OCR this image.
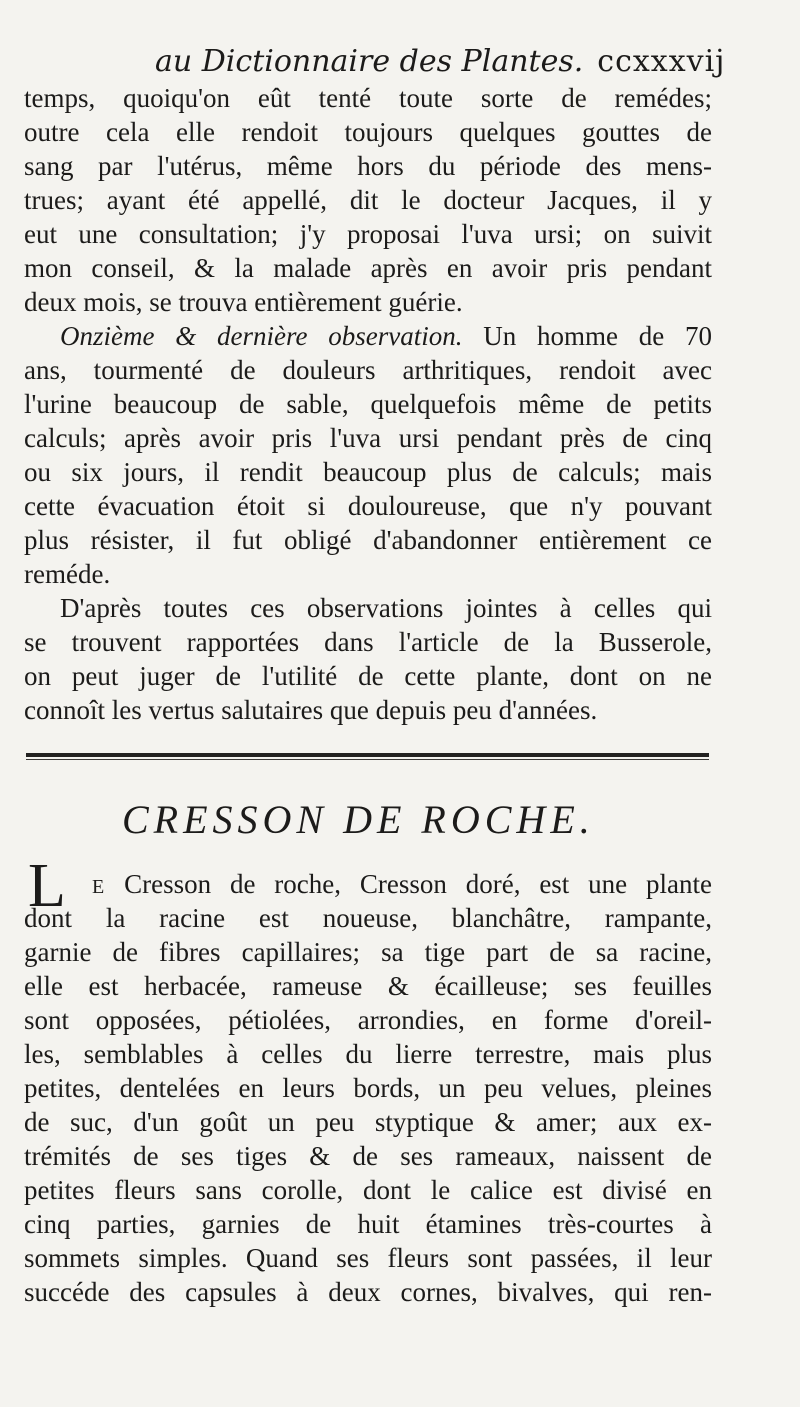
au Dictionnaire des Plantes. ccxxxvij
temps, quoiqu'on eût tenté toute sorte de remédes;
outre cela elle rendoit toujours quelques gouttes de
sang par l'utérus, même hors du période des mens-
trues; ayant été appellé, dit le docteur Jacques, il y
eut une consultation; j'y proposai l'uva ursi; on suivit
mon conseil, & la malade après en avoir pris pendant
deux mois, se trouva entièrement guérie.
Onzième & dernière observation. Un homme de 70
ans, tourmenté de douleurs arthritiques, rendoit avec
l'urine beaucoup de sable, quelquefois même de petits
calculs; après avoir pris l'uva ursi pendant près de cinq
ou six jours, il rendit beaucoup plus de calculs; mais
cette évacuation étoit si douloureuse, que n'y pouvant
plus résister, il fut obligé d'abandonner entièrement ce
reméde.
D'après toutes ces observations jointes à celles qui
se trouvent rapportées dans l'article de la Busserole,
on peut juger de l'utilité de cette plante, dont on ne
connoît les vertus salutaires que depuis peu d'années.
CRESSON DE ROCHE.
L E Cresson de roche, Cresson doré, est une plante
dont la racine est noueuse, blanchâtre, rampante,
garnie de fibres capillaires; sa tige part de sa racine,
elle est herbacée, rameuse & écailleuse; ses feuilles
sont opposées, pétiolées, arrondies, en forme d'oreil-
les, semblables à celles du lierre terrestre, mais plus
petites, dentelées en leurs bords, un peu velues, pleines
de suc, d'un goût un peu styptique & amer; aux ex-
trémités de ses tiges & de ses rameaux, naissent de
petites fleurs sans corolle, dont le calice est divisé en
cinq parties, garnies de huit étamines très-courtes à
sommets simples. Quand ses fleurs sont passées, il leur
succéde des capsules à deux cornes, bivalves, qui ren-
